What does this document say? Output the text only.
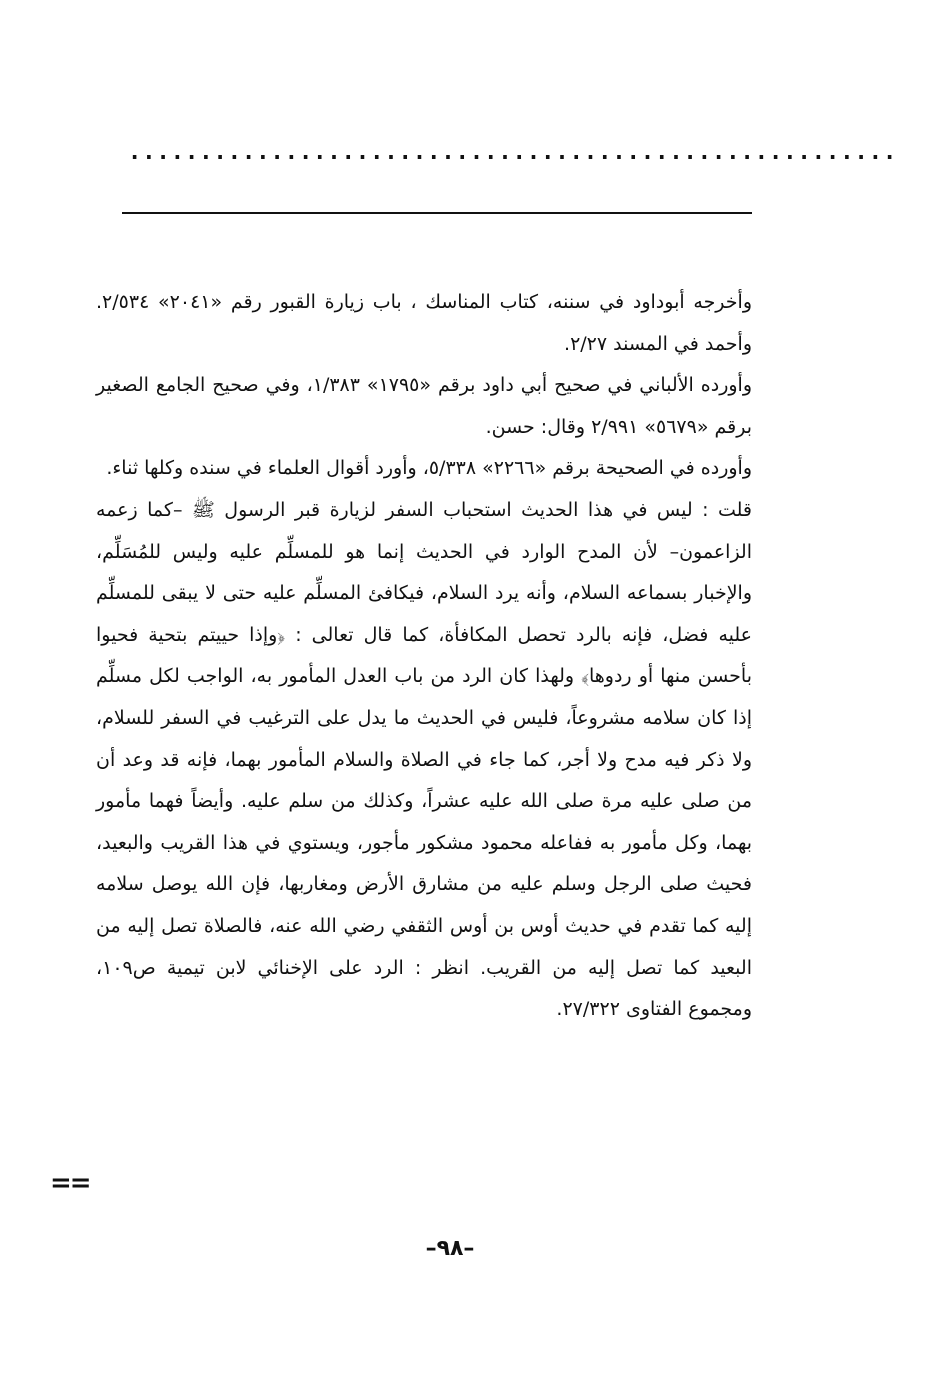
......................................................

وأخرجه أبوداود في سننه، كتاب المناسك ، باب زيارة القبور رقم «٢٠٤١» ٢/٥٣٤. وأحمد في المسند ٢/٢٧.

وأورده الألباني في صحيح أبي داود برقم «١٧٩٥» ١/٣٨٣، وفي صحيح الجامع الصغير برقم «٥٦٧٩» ٢/٩٩١ وقال: حسن.

وأورده في الصحيحة برقم «٢٢٦٦» ٥/٣٣٨، وأورد أقوال العلماء في سنده وكلها ثناء.

قلت : ليس في هذا الحديث استحباب السفر لزيارة قبر الرسول ﷺ –كما زعمه الزاعمون– لأن المدح الوارد في الحديث إنما هو للمسلِّم عليه وليس للمُسَلِّم، والإخبار بسماعه السلام، وأنه يرد السلام، فيكافئ المسلِّم عليه حتى لا يبقى للمسلِّم عليه فضل، فإنه بالرد تحصل المكافأة، كما قال تعالى : ﴿وإذا حييتم بتحية فحيوا بأحسن منها أو ردوها﴾ ولهذا كان الرد من باب العدل المأمور به، الواجب لكل مسلِّم إذا كان سلامه مشروعاً، فليس في الحديث ما يدل على الترغيب في السفر للسلام، ولا ذكر فيه مدح ولا أجر، كما جاء في الصلاة والسلام المأمور بهما، فإنه قد وعد أن من صلى عليه مرة صلى الله عليه عشراً، وكذلك من سلم عليه. وأيضاً فهما مأمور بهما، وكل مأمور به ففاعله محمود مشكور مأجور، ويستوي في هذا القريب والبعيد، فحيث صلى الرجل وسلم عليه من مشارق الأرض ومغاربها، فإن الله يوصل سلامه إليه كما تقدم في حديث أوس بن أوس الثقفي رضي الله عنه، فالصلاة تصل إليه من البعيد كما تصل إليه من القريب. انظر : الرد على الإخنائي لابن تيمية ص١٠٩، ومجموع الفتاوى ٢٧/٣٢٢.

==
–٩٨–
